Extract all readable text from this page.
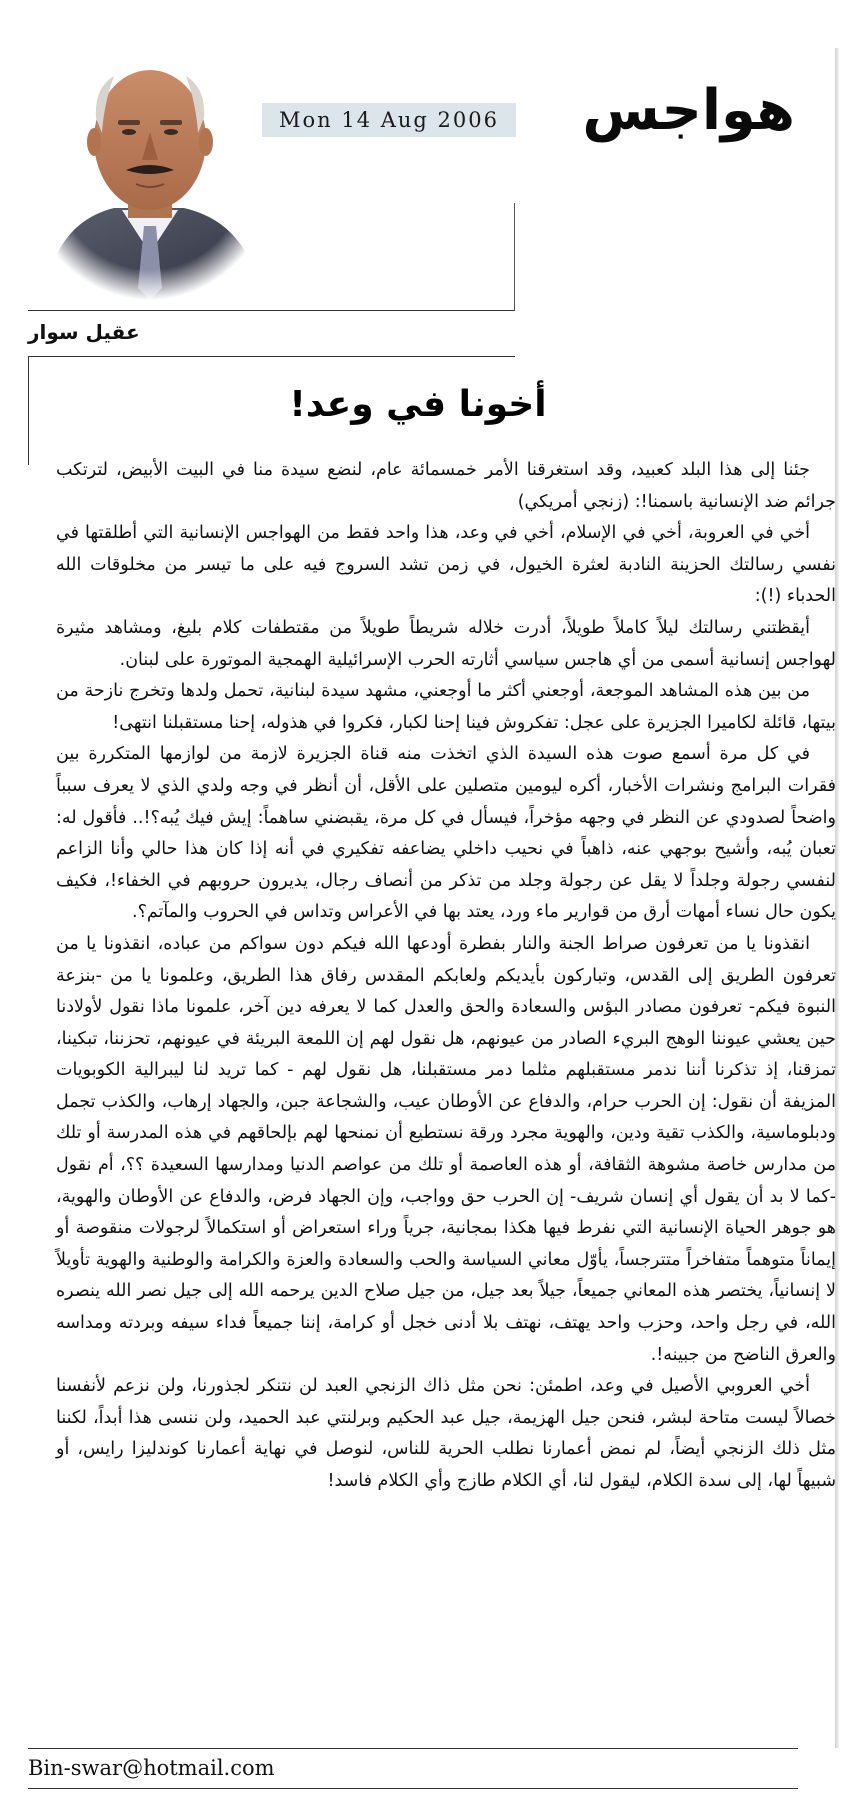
هواجس
Mon 14 Aug 2006
عقيل سوار
أخونا في وعد!

جئنا إلى هذا البلد كعبيد، وقد استغرقنا الأمر خمسمائة عام، لنضع سيدة منا في البيت الأبيض، لترتكب جرائم ضد الإنسانية باسمنا!: (زنجي أمريكي)

أخي في العروبة، أخي في الإسلام، أخي في وعد، هذا واحد فقط من الهواجس الإنسانية التي أطلقتها في نفسي رسالتك الحزينة النادبة لعثرة الخيول، في زمن تشد السروج فيه على ما تيسر من مخلوقات الله الحدباء (!):

أيقظتني رسالتك ليلاً كاملاً طويلاً، أدرت خلاله شريطاً طويلاً من مقتطفات كلام بليغ، ومشاهد مثيرة لهواجس إنسانية أسمى من أي هاجس سياسي أثارته الحرب الإسرائيلية الهمجية الموتورة على لبنان.

من بين هذه المشاهد الموجعة، أوجعني أكثر ما أوجعني، مشهد سيدة لبنانية، تحمل ولدها وتخرج نازحة من بيتها، قائلة لكاميرا الجزيرة على عجل: تفكروش فينا إحنا لكبار، فكروا في هذوله، إحنا مستقبلنا انتهى!

في كل مرة أسمع صوت هذه السيدة الذي اتخذت منه قناة الجزيرة لازمة من لوازمها المتكررة بين فقرات البرامج ونشرات الأخبار، أكره ليومين متصلين على الأقل، أن أنظر في وجه ولدي الذي لا يعرف سبباً واضحاً لصدودي عن النظر في وجهه مؤخراً، فيسأل في كل مرة، يقبضني ساهماً: إيش فيك يُبه؟!.. فأقول له: تعبان يُبه، وأشيح بوجهي عنه، ذاهباً في نحيب داخلي يضاعفه تفكيري في أنه إذا كان هذا حالي وأنا الزاعم لنفسي رجولة وجلداً لا يقل عن رجولة وجلد من تذكر من أنصاف رجال، يديرون حروبهم في الخفاء!، فكيف يكون حال نساء أمهات أرق من قوارير ماء ورد، يعتد بها في الأعراس وتداس في الحروب والمآتم؟.

انقذونا يا من تعرفون صراط الجنة والنار بفطرة أودعها الله فيكم دون سواكم من عباده، انقذونا يا من تعرفون الطريق إلى القدس، وتباركون بأيديكم ولعابكم المقدس رفاق هذا الطريق، وعلمونا يا من -بنزعة النبوة فيكم- تعرفون مصادر البؤس والسعادة والحق والعدل كما لا يعرفه دين آخر، علمونا ماذا نقول لأولادنا حين يعشي عيوننا الوهج البريء الصادر من عيونهم، هل نقول لهم إن اللمعة البريئة في عيونهم، تحزننا، تبكينا، تمزقنا، إذ تذكرنا أننا ندمر مستقبلهم مثلما دمر مستقبلنا، هل نقول لهم - كما تريد لنا ليبرالية الكوبويات المزيفة أن نقول: إن الحرب حرام، والدفاع عن الأوطان عيب، والشجاعة جبن، والجهاد إرهاب، والكذب تجمل ودبلوماسية، والكذب تقية ودين، والهوية مجرد ورقة نستطيع أن نمنحها لهم بإلحاقهم في هذه المدرسة أو تلك من مدارس خاصة مشوهة الثقافة، أو هذه العاصمة أو تلك من عواصم الدنيا ومدارسها السعيدة ؟؟، أم نقول -كما لا بد أن يقول أي إنسان شريف- إن الحرب حق وواجب، وإن الجهاد فرض، والدفاع عن الأوطان والهوية، هو جوهر الحياة الإنسانية التي نفرط فيها هكذا بمجانية، جرياً وراء استعراض أو استكمالاً لرجولات منقوصة أو إيماناً متوهماً متفاخراً متترجساً، يأوّل معاني السياسة والحب والسعادة والعزة والكرامة والوطنية والهوية تأويلاً لا إنسانياً، يختصر هذه المعاني جميعاً، جيلاً بعد جيل، من جيل صلاح الدين يرحمه الله إلى جيل نصر الله ينصره الله، في رجل واحد، وحزب واحد يهتف، نهتف بلا أدنى خجل أو كرامة، إننا جميعاً فداء سيفه وبردته ومداسه والعرق الناضح من جبينه!.

أخي العروبي الأصيل في وعد، اطمئن: نحن مثل ذاك الزنجي العبد لن نتنكر لجذورنا، ولن نزعم لأنفسنا خصالاً ليست متاحة لبشر، فنحن جيل الهزيمة، جيل عبد الحكيم وبرلنتي عبد الحميد، ولن ننسى هذا أبداً، لكننا مثل ذلك الزنجي أيضاً، لم نمض أعمارنا نطلب الحرية للناس، لنوصل في نهاية أعمارنا كوندليزا رايس، أو شبيهاً لها، إلى سدة الكلام، ليقول لنا، أي الكلام طازج وأي الكلام فاسد!

Bin-swar@hotmail.com
